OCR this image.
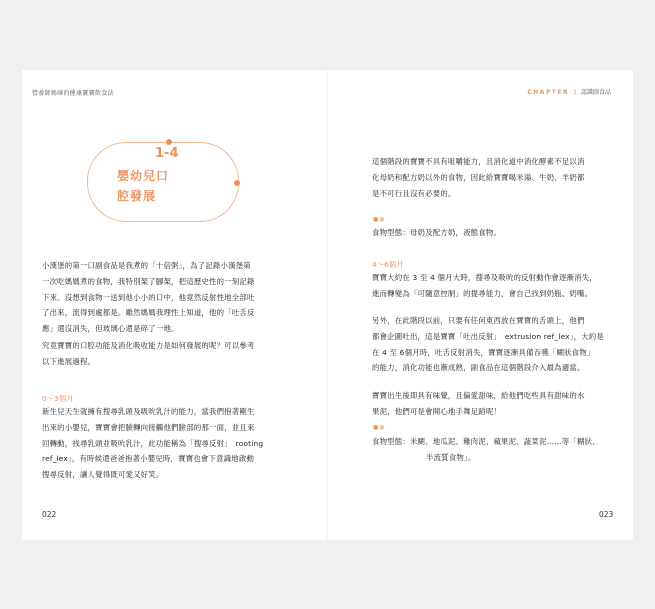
營養師媽咪的健康寶寶飲食法	CHAPTER 1 認識副食品
1-4
嬰幼兒口
腔發展

小漢堡的第一口副食品是我煮的「十倍粥」，為了記錄小漢堡第

一次吃媽媽煮的食物，我特別架了腳架，把這歷史性的一刻記錄

下來。沒想到食物一送到他小小的口中，他竟然反射性地全部吐

了出來，流得到處都是。雖然媽媽我理性上知道，他的「吐舌反

應」還沒消失，但玻璃心還是碎了一地。

究竟寶寶的口腔功能及消化吸收能力是如何發展的呢？可以參考

以下進展過程。

0～3個月

新生兒天生就擁有搜尋乳頭及吸吮乳汁的能力，當我們抱著剛生

出來的小嬰兒，寶寶會把臉轉向接觸他們臉部的那一面，並且來

回轉動，找尋乳頭並吸吮乳汁，此功能稱為「搜尋反射」　rooting

ref_lex」，有時候還爸爸抱著小嬰兒時，寶寶也會下意識地啟動

搜尋反射，讓人覺得既可愛又好笑。

022

這個階段的寶寶不具有咀嚼能力，且消化道中消化酵素不足以消

化母奶和配方奶以外的食物，因此給寶寶喝米湯、牛奶、羊奶都

是不可行且沒有必要的。

●●
食物型態：母奶及配方奶，液態食物。
4～6個月

寶寶大約在 3 至 4 個月大時，搜尋及吸吮的反射動作會逐漸消失，

進而轉變為「可隨意控制」的提尋能力，會自己找到奶瓶、奶嘴。

另外，在此階段以前，只要有任何東西放在寶寶的舌頭上，他們

都會企圖吐出，這是寶寶「吐出反射」　extrusion ref_lex」，大約是

在 4 至 6個月時，吐舌反射消失，寶寶逐漸具備吞嚥「糊狀食物」

的能力，消化功能也漸成熟，副食品在這個階段介入最為適當。

寶寶出生後即具有味覺，且偏愛甜味，給他們吃些具有甜味的水

果泥，他們可是會開心地手舞足蹈呢！

●●

食物型態：米糊、地瓜泥、雞肉泥、蘋果泥、蔬菜泥……等「糊狀、

半流質食物」。

023
